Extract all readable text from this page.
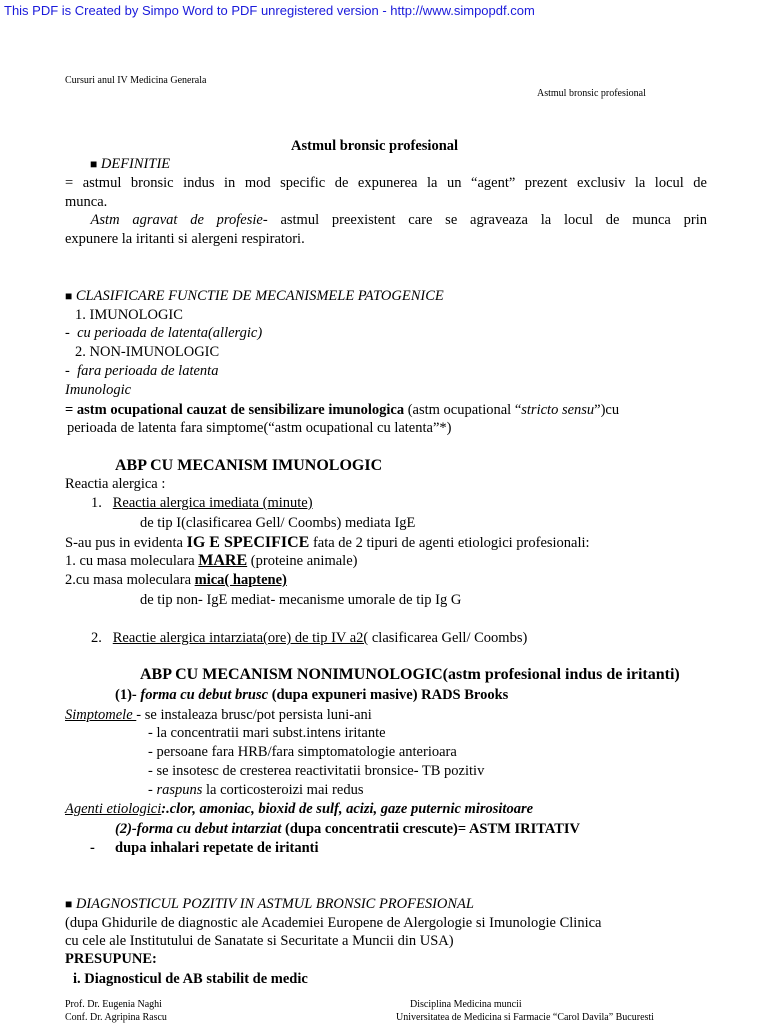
This PDF is Created by Simpo Word to PDF unregistered version - http://www.simpopdf.com
Cursuri anul IV Medicina Generala
Astmul bronsic profesional
Astmul bronsic profesional
■ DEFINITIE
= astmul bronsic indus in mod specific de expunerea la un “agent” prezent exclusiv la locul de
munca.
Astm agravat de profesie- astmul preexistent care se agraveaza la locul de munca prin
expunere la iritanti si alergeni respiratori.
■ CLASIFICARE FUNCTIE DE MECANISMELE PATOGENICE
1. IMUNOLOGIC
-  cu perioada de latenta(allergic)
2. NON-IMUNOLOGIC
-  fara perioada de latenta
Imunologic
= astm ocupational cauzat de sensibilizare imunologica (astm ocupational “stricto sensu”)cu
perioada de latenta fara simptome(“astm ocupational cu latenta”*)
ABP CU MECANISM IMUNOLOGIC
Reactia alergica :
1. Reactia alergica imediata (minute)
de tip I(clasificarea Gell/ Coombs) mediata IgE
S-au pus in evidenta IG E SPECIFICE fata de 2 tipuri de agenti etiologici profesionali:
1. cu masa moleculara MARE (proteine animale)
2.cu masa moleculara mica( haptene)
de tip non- IgE mediat- mecanisme umorale de tip Ig G
2. Reactie alergica intarziata(ore) de tip IV a2( clasificarea Gell/ Coombs)
ABP CU MECANISM NONIMUNOLOGIC(astm profesional indus de iritanti)
(1)- forma cu debut brusc (dupa expuneri masive) RADS Brooks
Simptomele - se instaleaza brusc/pot persista luni-ani
- la concentratii mari subst.intens iritante
- persoane fara HRB/fara simptomatologie anterioara
- se insotesc de cresterea reactivitatii bronsice- TB pozitiv
- raspuns la corticosteroizi mai redus
Agenti etiologici:.clor, amoniac, bioxid de sulf, acizi, gaze puternic mirositoare
(2)-forma cu debut intarziat (dupa concentratii crescute)= ASTM IRITATIV
- dupa inhalari repetate de iritanti
■ DIAGNOSTICUL POZITIV IN ASTMUL BRONSIC PROFESIONAL
(dupa Ghidurile de diagnostic ale Academiei Europene de Alergologie si Imunologie Clinica
cu cele ale Institutului de Sanatate si Securitate a Muncii din USA)
PRESUPUNE:
i. Diagnosticul de AB stabilit de medic
Prof. Dr. Eugenia Naghi
Conf. Dr. Agripina Rascu
Disciplina Medicina muncii
Universitatea de Medicina si Farmacie “Carol Davila” Bucuresti
